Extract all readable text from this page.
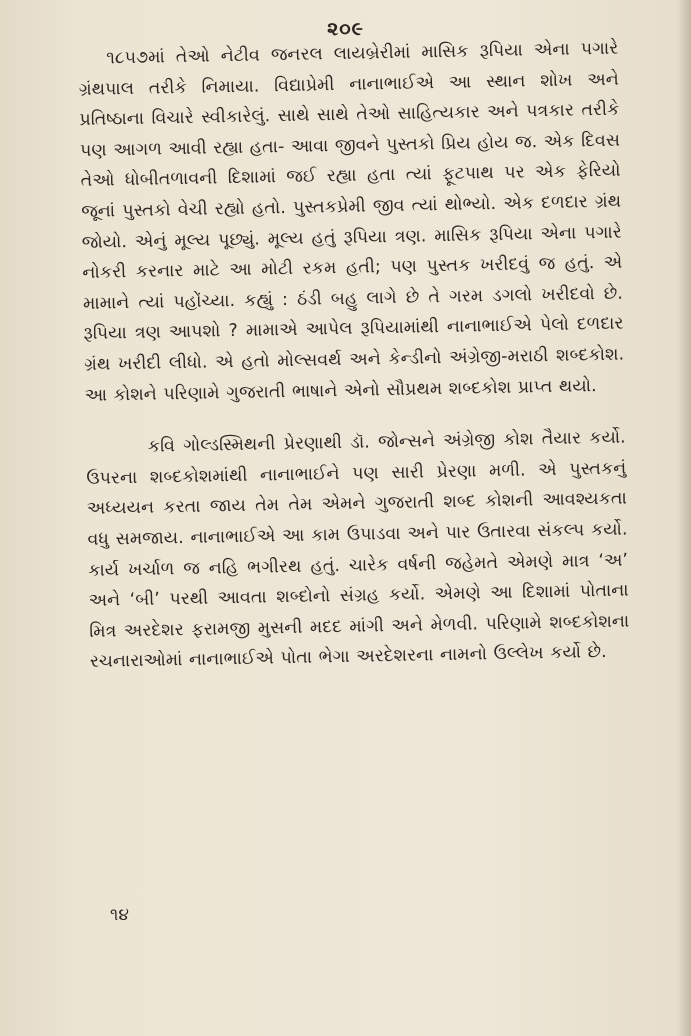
૨૦૯

૧૮૫૭માં તેઓ નેટીવ જનરલ લાયબ્રેરીમાં માસિક રૂપિયા એના પગારે ગ્રંથપાલ તરીકે નિમાયા. વિદ્યાપ્રેમી નાનાભાઈએ આ સ્થાન શોખ અને પ્રતિષ્ઠાના વિચારે સ્વીકારેલું. સાથે સાથે તેઓ સાહિત્યકાર અને પત્રકાર તરીકે પણ આગળ આવી રહ્યા હતા- આવા જીવને પુસ્તકો પ્રિય હોય જ. એક દિવસ તેઓ ધોબીતળાવની દિશામાં જઈ રહ્યા હતા ત્યાં ફૂટપાથ પર એક ફેરિયો જૂનાં પુસ્તકો વેચી રહ્યો હતો. પુસ્તકપ્રેમી જીવ ત્યાં થોભ્યો. એક દળદાર ગ્રંથ જોયો. એનું મૂલ્ય પૂછ્યું. મૂલ્ય હતું રૂપિયા ત્રણ. માસિક રૂપિયા એના પગારે નોકરી કરનાર માટે આ મોટી રકમ હતી; પણ પુસ્તક ખરીદવું જ હતું. એ મામાને ત્યાં પહોંચ્યા. કહ્યું : ઠંડી બહુ લાગે છે તે ગરમ ડગલો ખરીદવો છે. રૂપિયા ત્રણ આપશો ? મામાએ આપેલ રૂપિયામાંથી નાનાભાઈએ પેલો દળદાર ગ્રંથ ખરીદી લીધો. એ હતો મોલ્સવર્થ અને કેન્ડીનો અંગ્રેજી-મરાઠી શબ્દકોશ. આ કોશને પરિણામે ગુજરાતી ભાષાને એનો સૌપ્રથમ શબ્દકોશ પ્રાપ્ત થયો.

કવિ ગોલ્ડસ્મિથની પ્રેરણાથી ડૉ. જોન્સને અંગ્રેજી કોશ તૈયાર કર્યો. ઉપરના શબ્દકોશમાંથી નાનાભાઈને પણ સારી પ્રેરણા મળી. એ પુસ્તકનું અધ્યયન કરતા જાય તેમ તેમ એમને ગુજરાતી શબ્દ કોશની આવશ્યકતા વધુ સમજાય. નાનાભાઈએ આ કામ ઉપાડવા અને પાર ઉતારવા સંકલ્પ કર્યો. કાર્ય ખર્ચાળ જ નહિ ભગીરથ હતું. ચારેક વર્ષની જહેમતે એમણે માત્ર ‘અ’ અને ‘બી’ પરથી આવતા શબ્દોનો સંગ્રહ કર્યો. એમણે આ દિશામાં પોતાના મિત્ર અરદેશર ફરામજી મુસની મદદ માંગી અને મેળવી. પરિણામે શબ્દકોશના રચનારાઓમાં નાનાભાઈએ પોતા ભેગા અરદેશરના નામનો ઉલ્લેખ કર્યો છે.

૧૪
